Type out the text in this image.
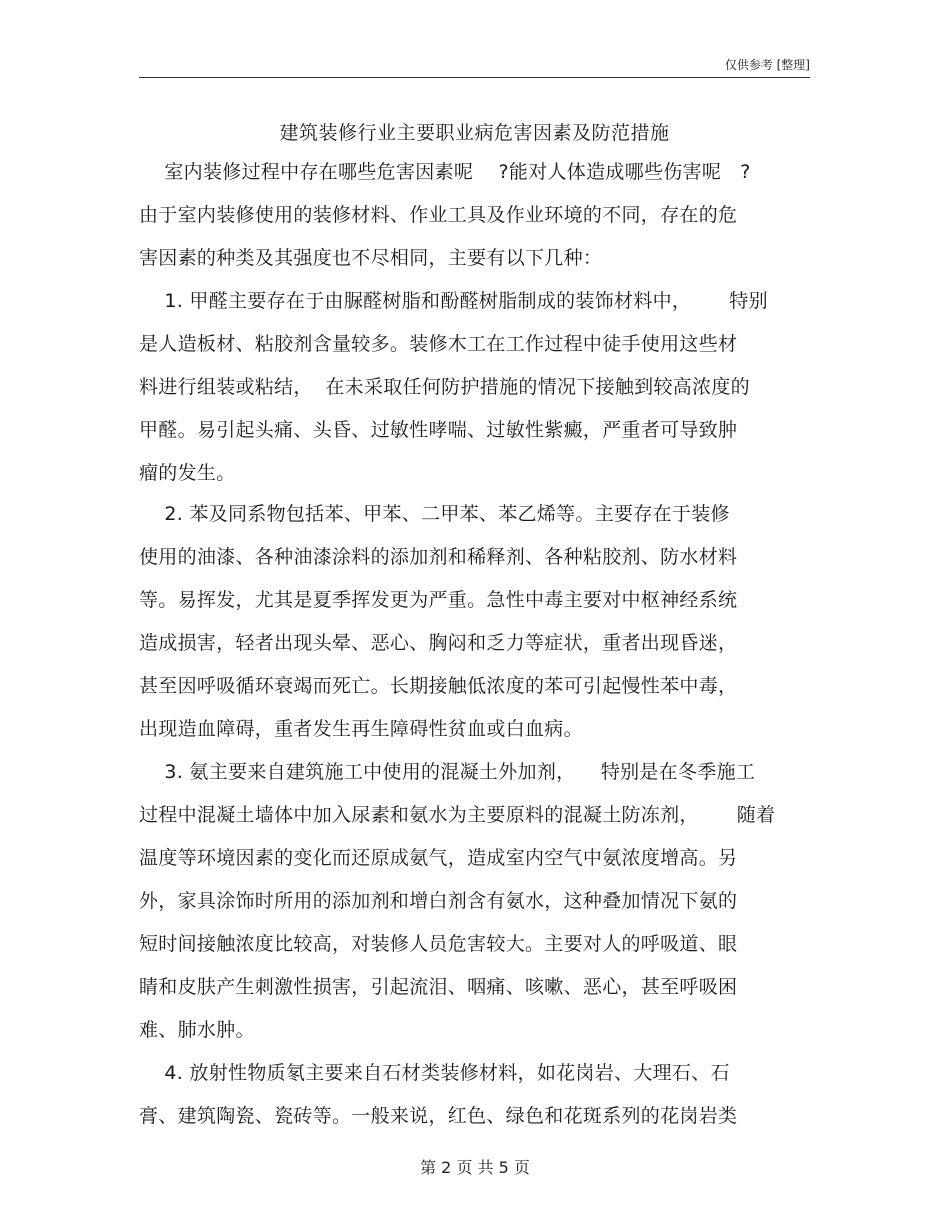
仅供参考 [整理]
建筑装修行业主要职业病危害因素及防范措施
室内装修过程中存在哪些危害因素呢    ?能对人体造成哪些伤害呢   ?
由于室内装修使用的装修材料、作业工具及作业环境的不同，存在的危
害因素的种类及其强度也不尽相同，主要有以下几种：
1. 甲醛主要存在于由脲醛树脂和酚醛树脂制成的装饰材料中，      特别
是人造板材、粘胶剂含量较多。装修木工在工作过程中徒手使用这些材
料进行组装或粘结，  在未采取任何防护措施的情况下接触到较高浓度的
甲醛。易引起头痛、头昏、过敏性哮喘、过敏性紫癜，严重者可导致肿
瘤的发生。
2. 苯及同系物包括苯、甲苯、二甲苯、苯乙烯等。主要存在于装修
使用的油漆、各种油漆涂料的添加剂和稀释剂、各种粘胶剂、防水材料
等。易挥发，尤其是夏季挥发更为严重。急性中毒主要对中枢神经系统
造成损害，轻者出现头晕、恶心、胸闷和乏力等症状，重者出现昏迷，
甚至因呼吸循环衰竭而死亡。长期接触低浓度的苯可引起慢性苯中毒，
出现造血障碍，重者发生再生障碍性贫血或白血病。
3. 氨主要来自建筑施工中使用的混凝土外加剂，    特别是在冬季施工
过程中混凝土墙体中加入尿素和氨水为主要原料的混凝土防冻剂，      随着
温度等环境因素的变化而还原成氨气，造成室内空气中氨浓度增高。另
外，家具涂饰时所用的添加剂和增白剂含有氨水，这种叠加情况下氨的
短时间接触浓度比较高，对装修人员危害较大。主要对人的呼吸道、眼
睛和皮肤产生刺激性损害，引起流泪、咽痛、咳嗽、恶心，甚至呼吸困
难、肺水肿。
4. 放射性物质氡主要来自石材类装修材料，如花岗岩、大理石、石
膏、建筑陶瓷、瓷砖等。一般来说，红色、绿色和花斑系列的花岗岩类
第 2 页 共 5 页
